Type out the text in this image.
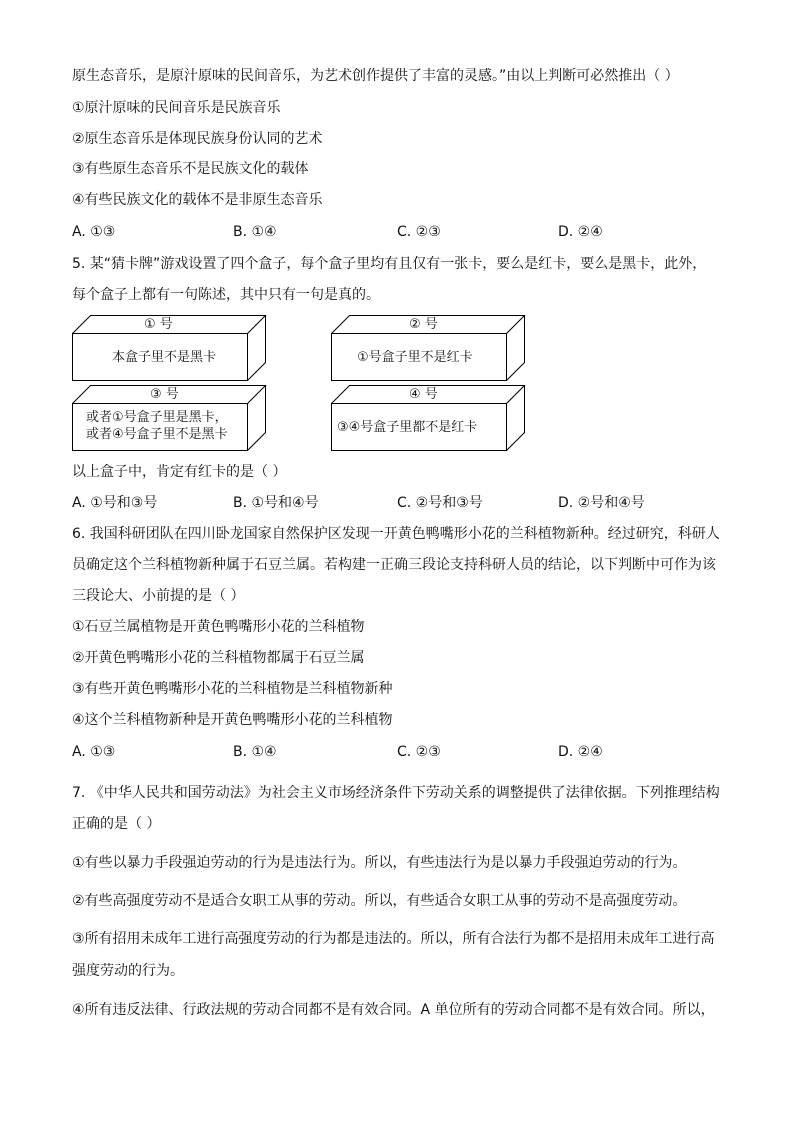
原生态音乐，是原汁原味的民间音乐，为艺术创作提供了丰富的灵感。”由以上判断可必然推出（ ）
①原汁原味的民间音乐是民族音乐
②原生态音乐是体现民族身份认同的艺术
③有些原生态音乐不是民族文化的载体
④有些民族文化的载体不是非原生态音乐
A. ①③	B. ①④	C. ②③	D. ②④
5. 某“猜卡牌”游戏设置了四个盒子，每个盒子里均有且仅有一张卡，要么是红卡，要么是黑卡，此外，
每个盒子上都有一句陈述，其中只有一句是真的。
① 号
本盒子里不是黑卡
② 号
①号盒子里不是红卡
③ 号
或者①号盒子里是黑卡，
或者④号盒子里不是黑卡
④ 号
③④号盒子里都不是红卡
以上盒子中，肯定有红卡的是（ ）
A. ①号和③号	B. ①号和④号	C. ②号和③号	D. ②号和④号
6. 我国科研团队在四川卧龙国家自然保护区发现一开黄色鸭嘴形小花的兰科植物新种。经过研究，科研人
员确定这个兰科植物新种属于石豆兰属。若构建一正确三段论支持科研人员的结论，以下判断中可作为该
三段论大、小前提的是（ ）
①石豆兰属植物是开黄色鸭嘴形小花的兰科植物
②开黄色鸭嘴形小花的兰科植物都属于石豆兰属
③有些开黄色鸭嘴形小花的兰科植物是兰科植物新种
④这个兰科植物新种是开黄色鸭嘴形小花的兰科植物
A. ①③	B. ①④	C. ②③	D. ②④
7. 《中华人民共和国劳动法》为社会主义市场经济条件下劳动关系的调整提供了法律依据。下列推理结构
正确的是（ ）
①有些以暴力手段强迫劳动的行为是违法行为。所以，有些违法行为是以暴力手段强迫劳动的行为。
②有些高强度劳动不是适合女职工从事的劳动。所以，有些适合女职工从事的劳动不是高强度劳动。
③所有招用未成年工进行高强度劳动的行为都是违法的。所以，所有合法行为都不是招用未成年工进行高
强度劳动的行为。
④所有违反法律、行政法规的劳动合同都不是有效合同。A 单位所有的劳动合同都不是有效合同。所以，
